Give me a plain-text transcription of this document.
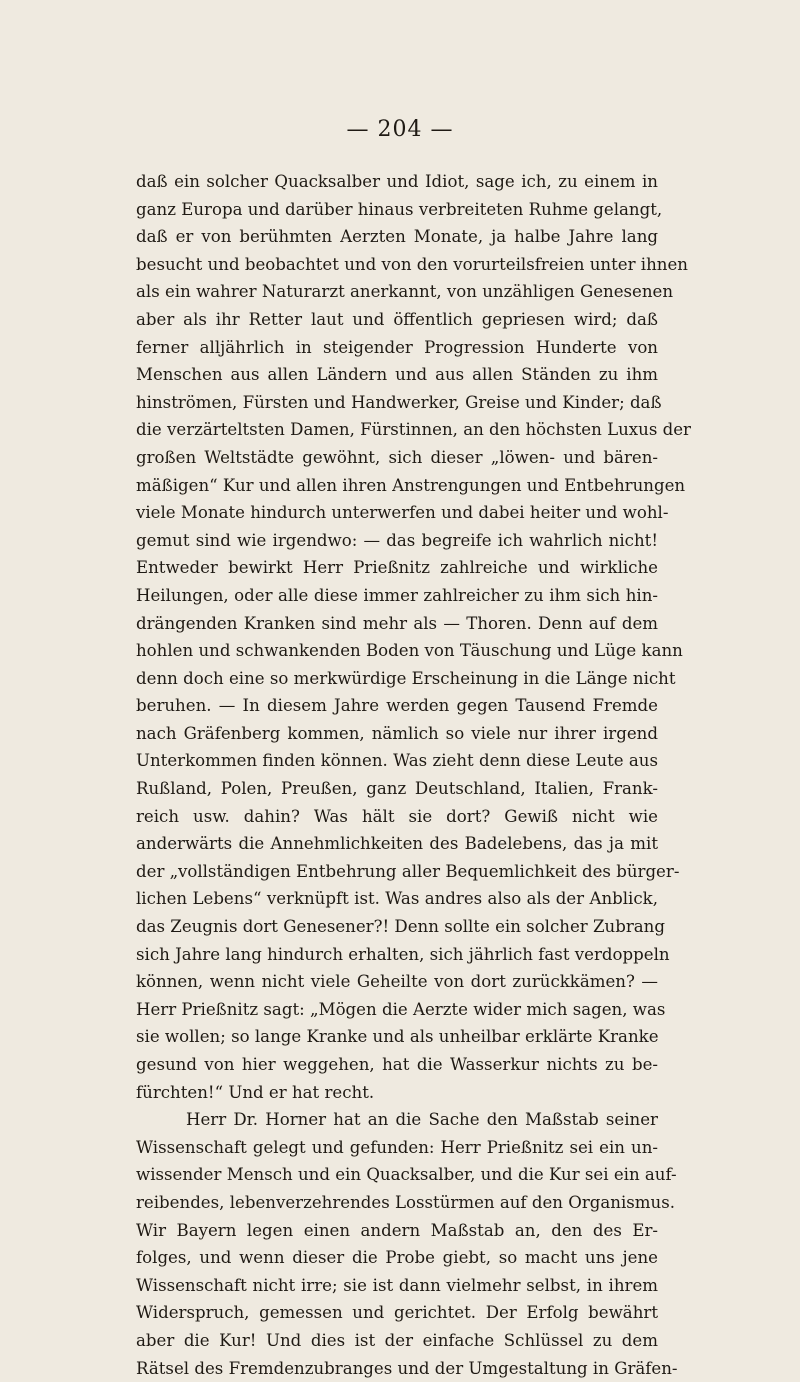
— 204 —
daß ein solcher Quacksalber und Idiot, sage ich, zu einem in
ganz Europa und darüber hinaus verbreiteten Ruhme gelangt,
daß er von berühmten Aerzten Monate, ja halbe Jahre lang
besucht und beobachtet und von den vorurteilsfreien unter ihnen
als ein wahrer Naturarzt anerkannt, von unzähligen Genesenen
aber als ihr Retter laut und öffentlich gepriesen wird; daß
ferner alljährlich in steigender Progression Hunderte von
Menschen aus allen Ländern und aus allen Ständen zu ihm
hinströmen, Fürsten und Handwerker, Greise und Kinder; daß
die verzärteltsten Damen, Fürstinnen, an den höchsten Luxus der
großen Weltstädte gewöhnt, sich dieser „löwen- und bären-
mäßigen“ Kur und allen ihren Anstrengungen und Entbehrungen
viele Monate hindurch unterwerfen und dabei heiter und wohl-
gemut sind wie irgendwo: — das begreife ich wahrlich nicht!
Entweder bewirkt Herr Prießnitz zahlreiche und wirkliche
Heilungen, oder alle diese immer zahlreicher zu ihm sich hin-
drängenden Kranken sind mehr als — Thoren. Denn auf dem
hohlen und schwankenden Boden von Täuschung und Lüge kann
denn doch eine so merkwürdige Erscheinung in die Länge nicht
beruhen. — In diesem Jahre werden gegen Tausend Fremde
nach Gräfenberg kommen, nämlich so viele nur ihrer irgend
Unterkommen finden können. Was zieht denn diese Leute aus
Rußland, Polen, Preußen, ganz Deutschland, Italien, Frank-
reich usw. dahin? Was hält sie dort? Gewiß nicht wie
anderwärts die Annehmlichkeiten des Badelebens, das ja mit
der „vollständigen Entbehrung aller Bequemlichkeit des bürger-
lichen Lebens“ verknüpft ist. Was andres also als der Anblick,
das Zeugnis dort Genesener?! Denn sollte ein solcher Zubrang
sich Jahre lang hindurch erhalten, sich jährlich fast verdoppeln
können, wenn nicht viele Geheilte von dort zurückkämen? —
Herr Prießnitz sagt: „Mögen die Aerzte wider mich sagen, was
sie wollen; so lange Kranke und als unheilbar erklärte Kranke
gesund von hier weggehen, hat die Wasserkur nichts zu be-
fürchten!“ Und er hat recht.
Herr Dr. Horner hat an die Sache den Maßstab seiner
Wissenschaft gelegt und gefunden: Herr Prießnitz sei ein un-
wissender Mensch und ein Quacksalber, und die Kur sei ein auf-
reibendes, lebenverzehrendes Losstürmen auf den Organismus.
Wir Bayern legen einen andern Maßstab an, den des Er-
folges, und wenn dieser die Probe giebt, so macht uns jene
Wissenschaft nicht irre; sie ist dann vielmehr selbst, in ihrem
Widerspruch, gemessen und gerichtet. Der Erfolg bewährt
aber die Kur! Und dies ist der einfache Schlüssel zu dem
Rätsel des Fremdenzubranges und der Umgestaltung in Gräfen-
